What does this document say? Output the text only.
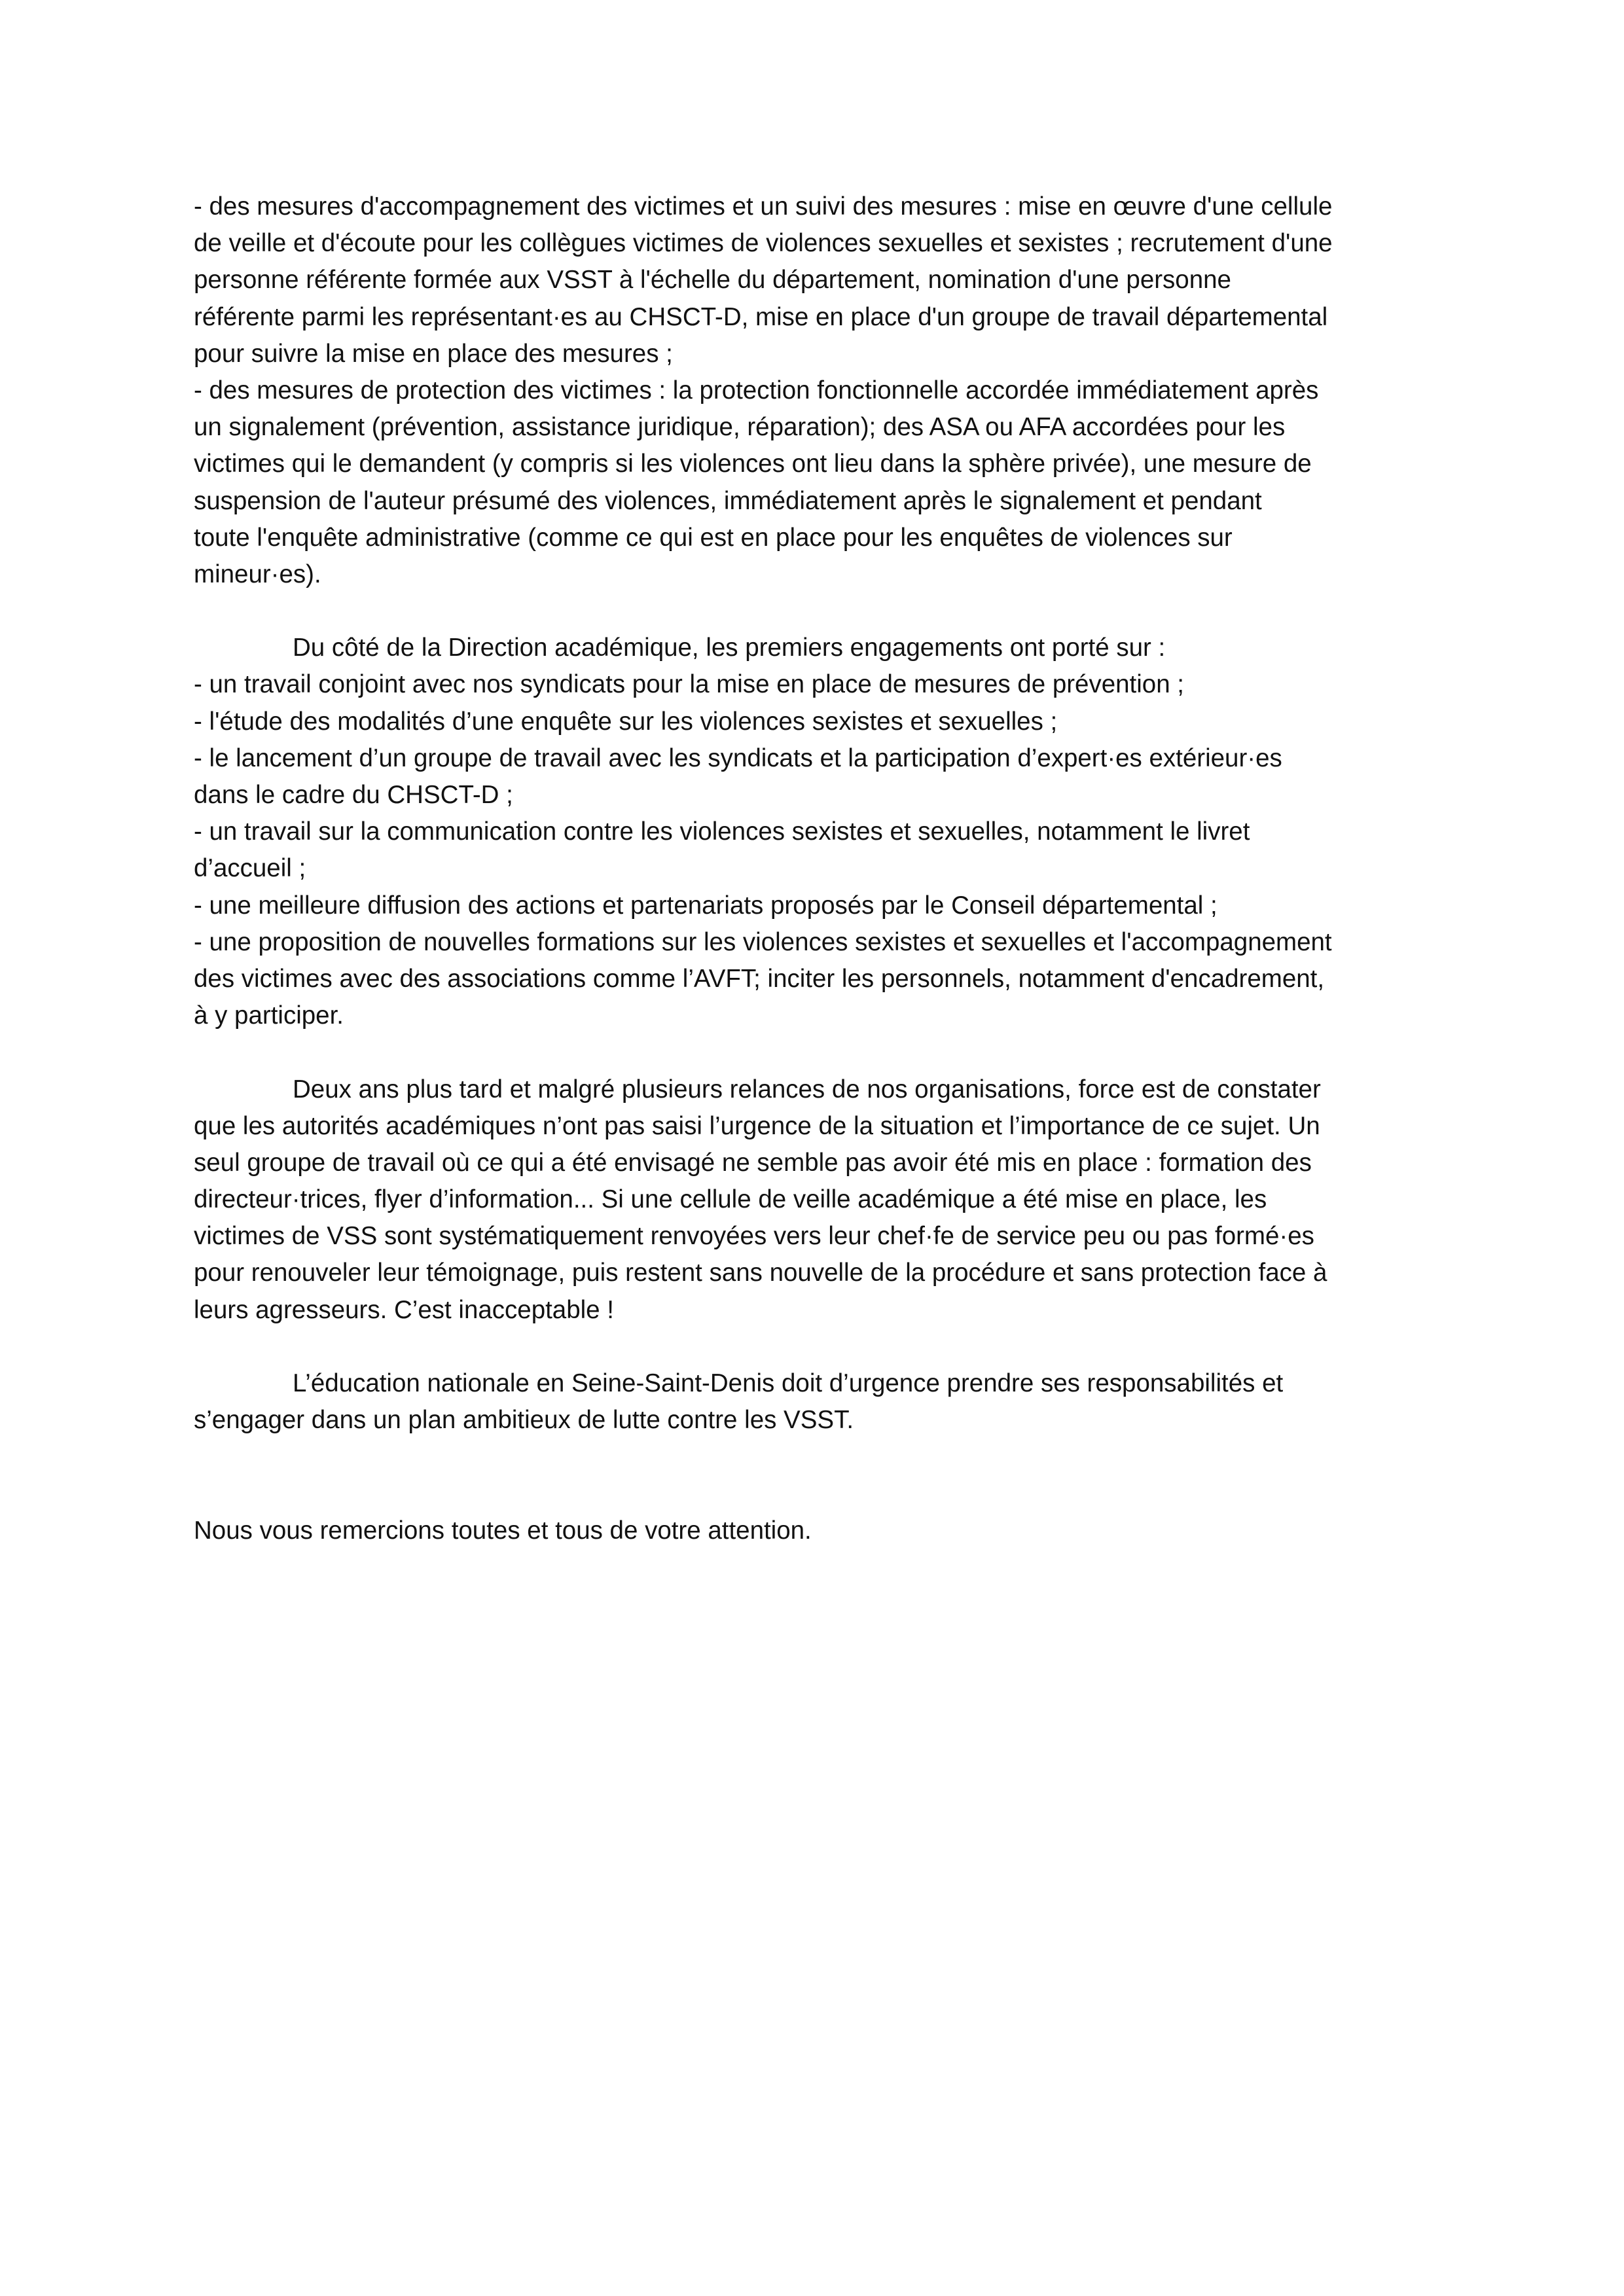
- des mesures d'accompagnement des victimes et un suivi des mesures : mise en œuvre d'une cellule
de veille et d'écoute pour les collègues victimes de violences sexuelles et sexistes ; recrutement d'une
personne référente formée aux VSST à l'échelle du département, nomination d'une personne
référente parmi les représentant·es au CHSCT-D, mise en place d'un groupe de travail départemental
pour suivre la mise en place des mesures ;
- des mesures de protection des victimes : la protection fonctionnelle accordée immédiatement après
un signalement (prévention, assistance juridique, réparation); des ASA ou AFA accordées pour les
victimes qui le demandent (y compris si les violences ont lieu dans la sphère privée), une mesure de
suspension de l'auteur présumé des violences, immédiatement après le signalement et pendant
toute l'enquête administrative (comme ce qui est en place pour les enquêtes de violences sur
mineur·es).
Du côté de la Direction académique, les premiers engagements ont porté sur :
- un travail conjoint avec nos syndicats pour la mise en place de mesures de prévention ;
- l'étude des modalités d’une enquête sur les violences sexistes et sexuelles ;
- le lancement d’un groupe de travail avec les syndicats et la participation d’expert·es extérieur·es
dans le cadre du CHSCT-D ;
- un travail sur la communication contre les violences sexistes et sexuelles, notamment le livret
d’accueil ;
- une meilleure diffusion des actions et partenariats proposés par le Conseil départemental ;
- une proposition de nouvelles formations sur les violences sexistes et sexuelles et l'accompagnement
des victimes avec des associations comme l’AVFT; inciter les personnels, notamment d'encadrement,
à y participer.
Deux ans plus tard et malgré plusieurs relances de nos organisations, force est de constater
que les autorités académiques n’ont pas saisi l’urgence de la situation et l’importance de ce sujet. Un
seul groupe de travail où ce qui a été envisagé ne semble pas avoir été mis en place : formation des
directeur·trices, flyer d’information... Si une cellule de veille académique a été mise en place, les
victimes de VSS sont systématiquement renvoyées vers leur chef·fe de service peu ou pas formé·es
pour renouveler leur témoignage, puis restent sans nouvelle de la procédure et sans protection face à
leurs agresseurs. C’est inacceptable !
L’éducation nationale en Seine-Saint-Denis doit d’urgence prendre ses responsabilités et
s’engager dans un plan ambitieux de lutte contre les VSST.
Nous vous remercions toutes et tous de votre attention.
